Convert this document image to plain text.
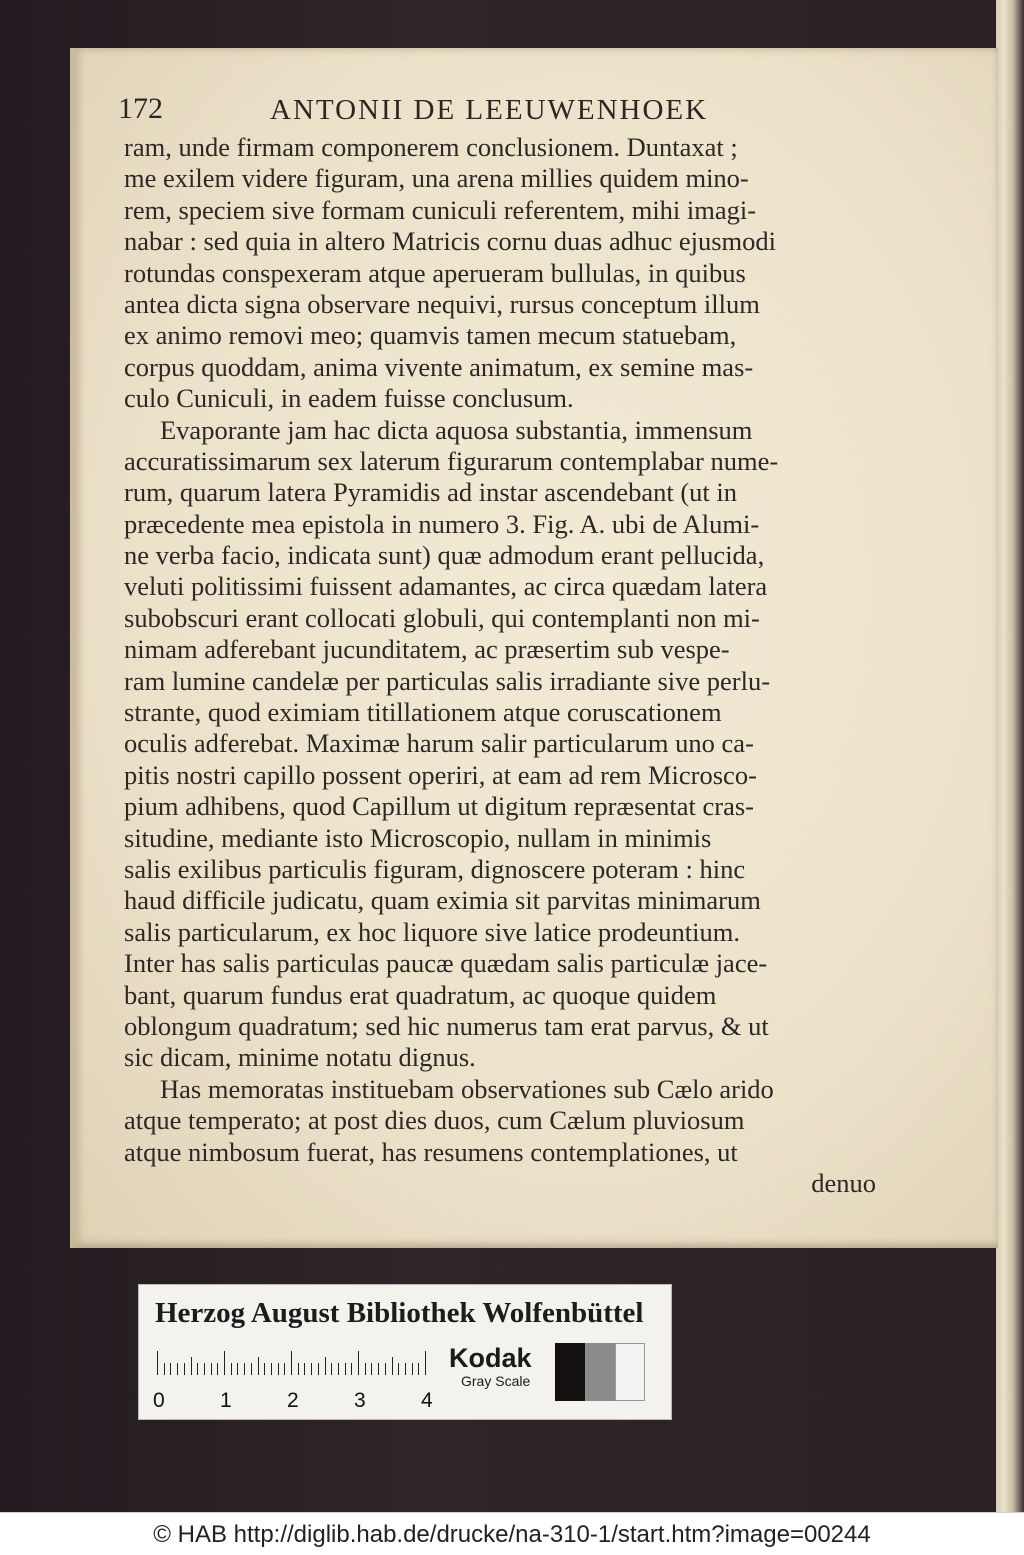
172	ANTONII DE LEEUWENHOEK
ram, unde firmam componerem conclusionem. Duntaxat ;
me exilem videre figuram, una arena millies quidem mino-
rem, speciem sive formam cuniculi referentem, mihi imagi-
nabar : sed quia in altero Matricis cornu duas adhuc ejusmodi
rotundas conspexeram atque aperueram bullulas, in quibus
antea dicta signa observare nequivi, rursus conceptum illum
ex animo removi meo; quamvis tamen mecum statuebam,
corpus quoddam, anima vivente animatum, ex semine mas-
culo Cuniculi, in eadem fuisse conclusum.
Evaporante jam hac dicta aquosa substantia, immensum
accuratissimarum sex laterum figurarum contemplabar nume-
rum, quarum latera Pyramidis ad instar ascendebant (ut in
præcedente mea epistola in numero 3. Fig. A. ubi de Alumi-
ne verba facio, indicata sunt) quæ admodum erant pellucida,
veluti politissimi fuissent adamantes, ac circa quædam latera
subobscuri erant collocati globuli, qui contemplanti non mi-
nimam adferebant jucunditatem, ac præsertim sub vespe-
ram lumine candelæ per particulas salis irradiante sive perlu-
strante, quod eximiam titillationem atque coruscationem
oculis adferebat. Maximæ harum salir particularum uno ca-
pitis nostri capillo possent operiri, at eam ad rem Microsco-
pium adhibens, quod Capillum ut digitum repræsentat cras-
situdine, mediante isto Microscopio, nullam in minimis
salis exilibus particulis figuram, dignoscere poteram : hinc
haud difficile judicatu, quam eximia sit parvitas minimarum
salis particularum, ex hoc liquore sive latice prodeuntium.
Inter has salis particulas paucæ quædam salis particulæ jace-
bant, quarum fundus erat quadratum, ac quoque quidem
oblongum quadratum; sed hic numerus tam erat parvus, & ut
sic dicam, minime notatu dignus.
Has memoratas instituebam observationes sub Cælo arido
atque temperato; at post dies duos, cum Cælum pluviosum
atque nimbosum fuerat, has resumens contemplationes, ut
denuo
Herzog August Bibliothek Wolfenbüttel
0	1	2	3	4
Kodak
Gray Scale
© HAB http://diglib.hab.de/drucke/na-310-1/start.htm?image=00244
